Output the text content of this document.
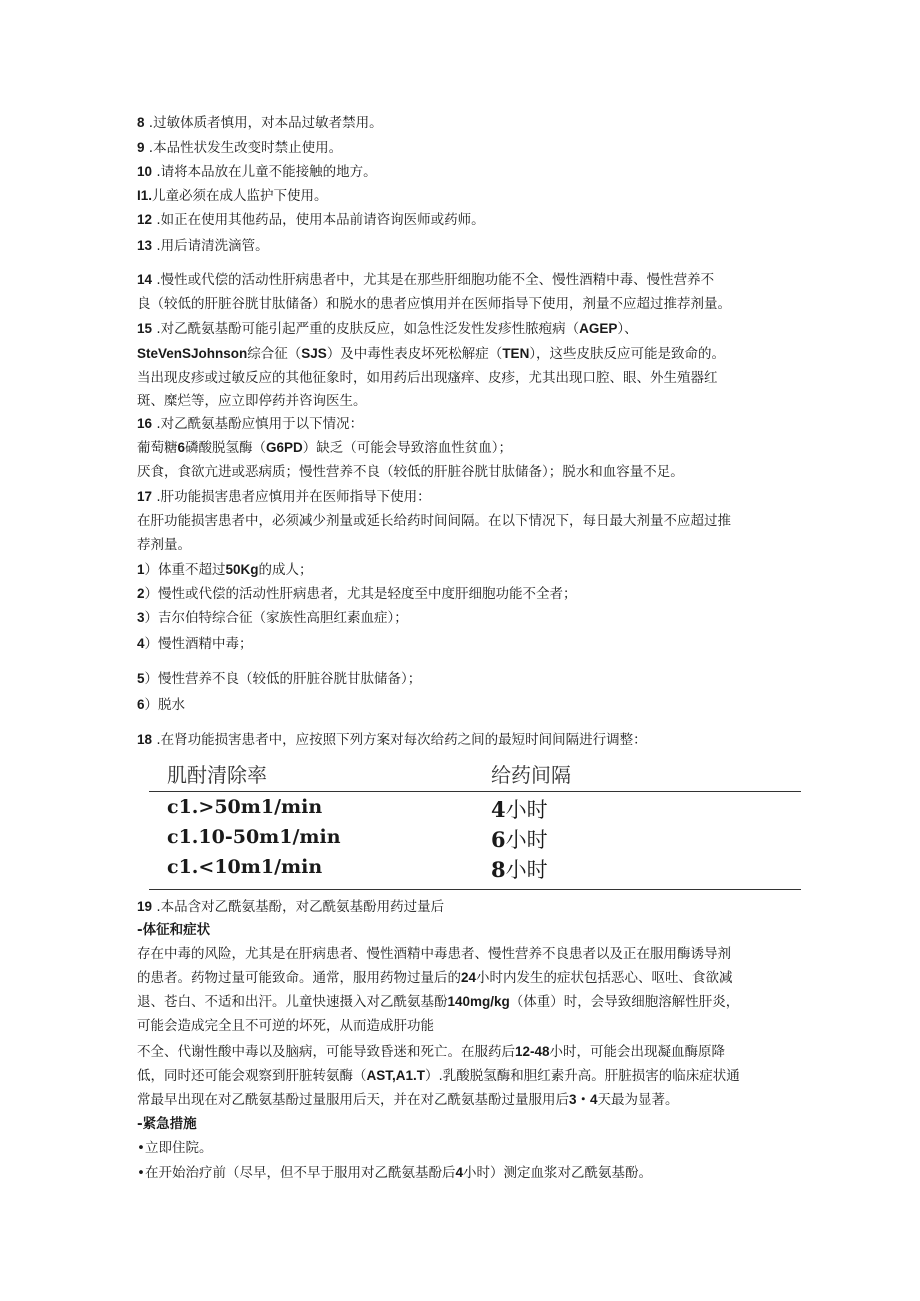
8 .过敏体质者慎用，对本品过敏者禁用。
9 .本品性状发生改变时禁止使用。
10 .请将本品放在儿童不能接触的地方。
I1.儿童必须在成人监护下使用。
12 .如正在使用其他药品，使用本品前请咨询医师或药师。
13 .用后请清洗滴管。
14 .慢性或代偿的活动性肝病患者中，尤其是在那些肝细胞功能不全、慢性酒精中毒、慢性营养不
良（较低的肝脏谷胱甘肽储备）和脱水的患者应慎用并在医师指导下使用，剂量不应超过推荐剂量。
15 .对乙酰氨基酚可能引起严重的皮肤反应，如急性泛发性发疹性脓疱病（AGEP）、
SteVenSJohnson综合征（SJS）及中毒性表皮坏死松解症（TEN），这些皮肤反应可能是致命的。
当出现皮疹或过敏反应的其他征象时，如用药后出现瘙痒、皮疹，尤其出现口腔、眼、外生殖器红
斑、糜烂等，应立即停药并咨询医生。
16 .对乙酰氨基酚应慎用于以下情况：
葡萄糖6磷酸脱氢酶（G6PD）缺乏（可能会导致溶血性贫血）；
厌食，食欲亢进或恶病质；慢性营养不良（较低的肝脏谷胱甘肽储备）；脱水和血容量不足。
17 .肝功能损害患者应慎用并在医师指导下使用：
在肝功能损害患者中，必须减少剂量或延长给药时间间隔。在以下情况下，每日最大剂量不应超过推
荐剂量。
1）体重不超过50Kg的成人；
2）慢性或代偿的活动性肝病患者，尤其是轻度至中度肝细胞功能不全者；
3）吉尔伯特综合征（家族性高胆红素血症）；
4）慢性酒精中毒；
5）慢性营养不良（较低的肝脏谷胱甘肽储备）；
6）脱水
18 .在肾功能损害患者中，应按照下列方案对每次给药之间的最短时间间隔进行调整：
肌酎清除率	给药间隔
c1.>50m1∕min	4小时
c1.10-50m1∕min	6小时
c1.<10m1∕min	8小时
19 .本品含对乙酰氨基酚，对乙酰氨基酚用药过量后
-体征和症状
存在中毒的风险，尤其是在肝病患者、慢性酒精中毒患者、慢性营养不良患者以及正在服用酶诱导剂
的患者。药物过量可能致命。通常，服用药物过量后的24小时内发生的症状包括恶心、呕吐、食欲减
退、苍白、不适和出汗。儿童快速摄入对乙酰氨基酚140mg/kg（体重）时，会导致细胞溶解性肝炎，
可能会造成完全且不可逆的坏死，从而造成肝功能
不全、代谢性酸中毒以及脑病，可能导致昏迷和死亡。在服药后12-48小时，可能会出现凝血酶原降
低，同时还可能会观察到肝脏转氨酶（AST,A1.T）.乳酸脱氢酶和胆红素升高。肝脏损害的临床症状通
常最早出现在对乙酰氨基酚过量服用后天，并在对乙酰氨基酚过量服用后3・4天最为显著。
-紧急措施
•立即住院。
•在开始治疗前（尽早，但不早于服用对乙酰氨基酚后4小时）测定血浆对乙酰氨基酚。
